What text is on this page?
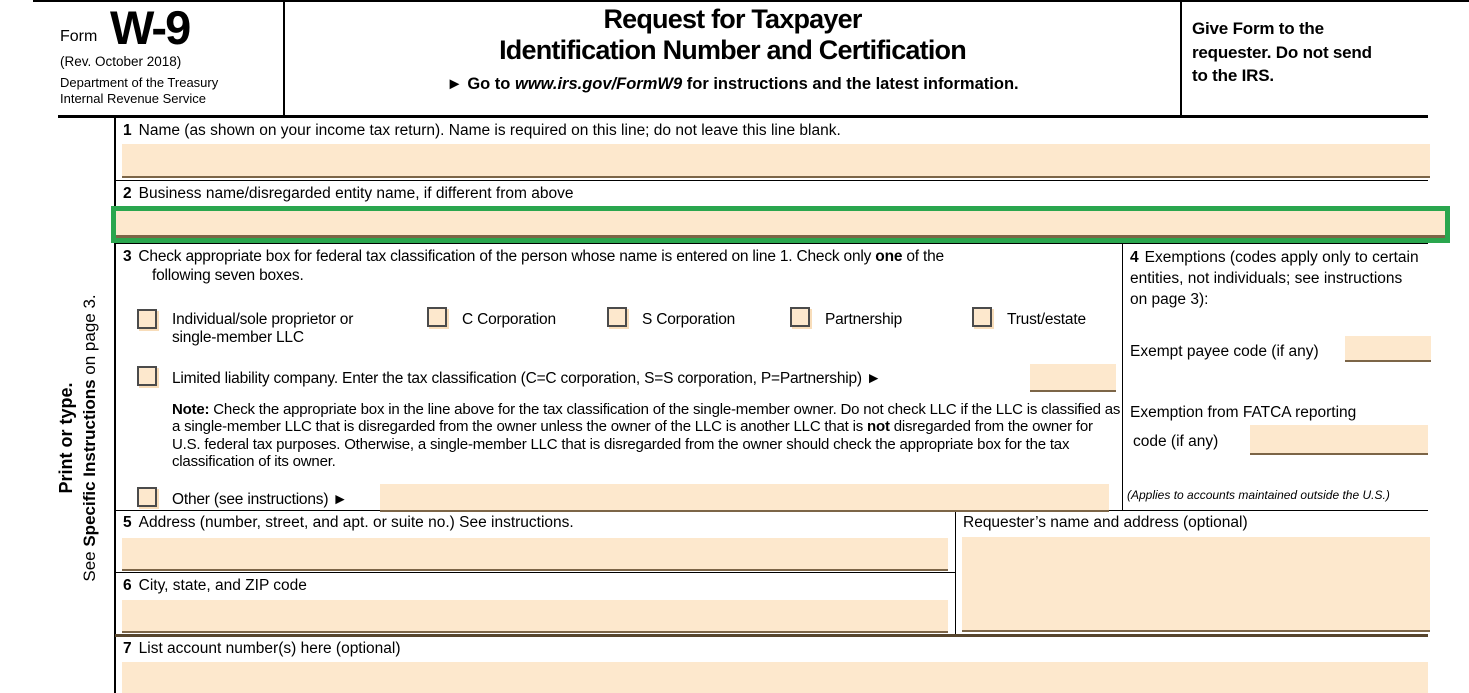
Form W-9
(Rev. October 2018)
Department of the Treasury
Internal Revenue Service
Request for Taxpayer
Identification Number and Certification
► Go to www.irs.gov/FormW9 for instructions and the latest information.
Give Form to the requester. Do not send to the IRS.
Print or type.
See Specific Instructions on page 3.
1 Name (as shown on your income tax return). Name is required on this line; do not leave this line blank.
2 Business name/disregarded entity name, if different from above
3 Check appropriate box for federal tax classification of the person whose name is entered on line 1. Check only one of the
following seven boxes.
Individual/sole proprietor or single-member LLC
C Corporation	S Corporation	Partnership	Trust/estate
Limited liability company. Enter the tax classification (C=C corporation, S=S corporation, P=Partnership) ►
Note: Check the appropriate box in the line above for the tax classification of the single-member owner. Do not check LLC if the LLC is classified as a single-member LLC that is disregarded from the owner unless the owner of the LLC is another LLC that is not disregarded from the owner for U.S. federal tax purposes. Otherwise, a single-member LLC that is disregarded from the owner should check the appropriate box for the tax classification of its owner.
Other (see instructions) ►
4 Exemptions (codes apply only to certain entities, not individuals; see instructions on page 3):
Exempt payee code (if any)
Exemption from FATCA reporting
code (if any)
(Applies to accounts maintained outside the U.S.)
5 Address (number, street, and apt. or suite no.) See instructions.
6 City, state, and ZIP code
Requester’s name and address (optional)
7 List account number(s) here (optional)
